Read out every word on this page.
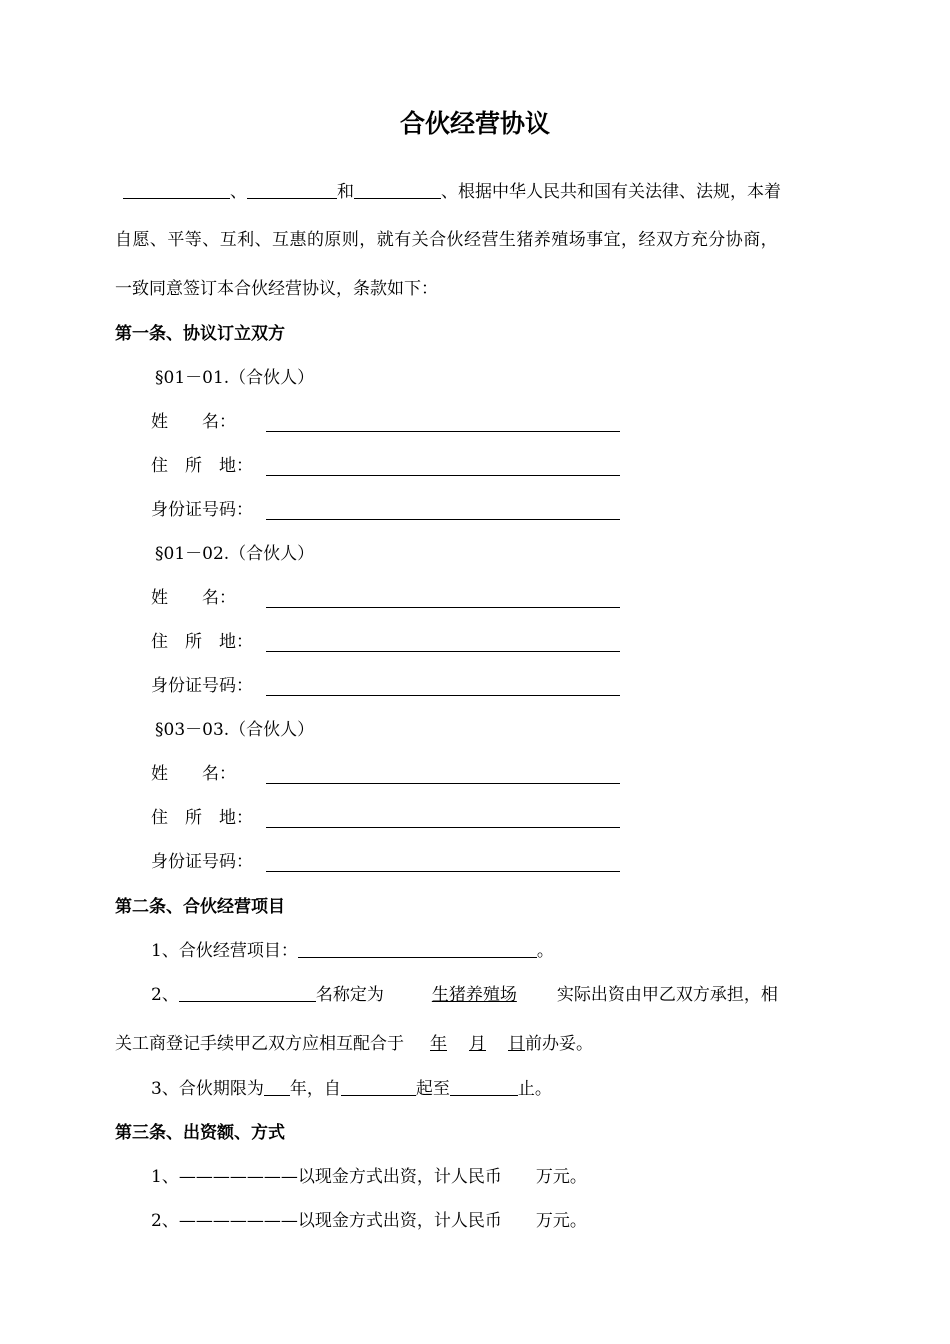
合伙经营协议
、	和	、根据中华人民共和国有关法律、法规，本着
自愿、平等、互利、互惠的原则，就有关合伙经营生猪养殖场事宜，经双方充分协商，
一致同意签订本合伙经营协议，条款如下：
第一条、协议订立双方
§01－01.（合伙人）
姓　　名：
住　所　地：
身份证号码：
§01－02.（合伙人）
姓　　名：
住　所　地：
身份证号码：
§03－03.（合伙人）
姓　　名：
住　所　地：
身份证号码：
第二条、合伙经营项目
1、合伙经营项目：	。
2、	名称定为	生猪养殖场 实际出资由甲乙双方承担，相
关工商登记手续甲乙双方应相互配合于 年 月 日前办妥。
3、合伙期限为 年，自	起至	止。
第三条、出资额、方式
1、———————以现金方式出资，计人民币　　万元。
2、———————以现金方式出资，计人民币　　万元。
